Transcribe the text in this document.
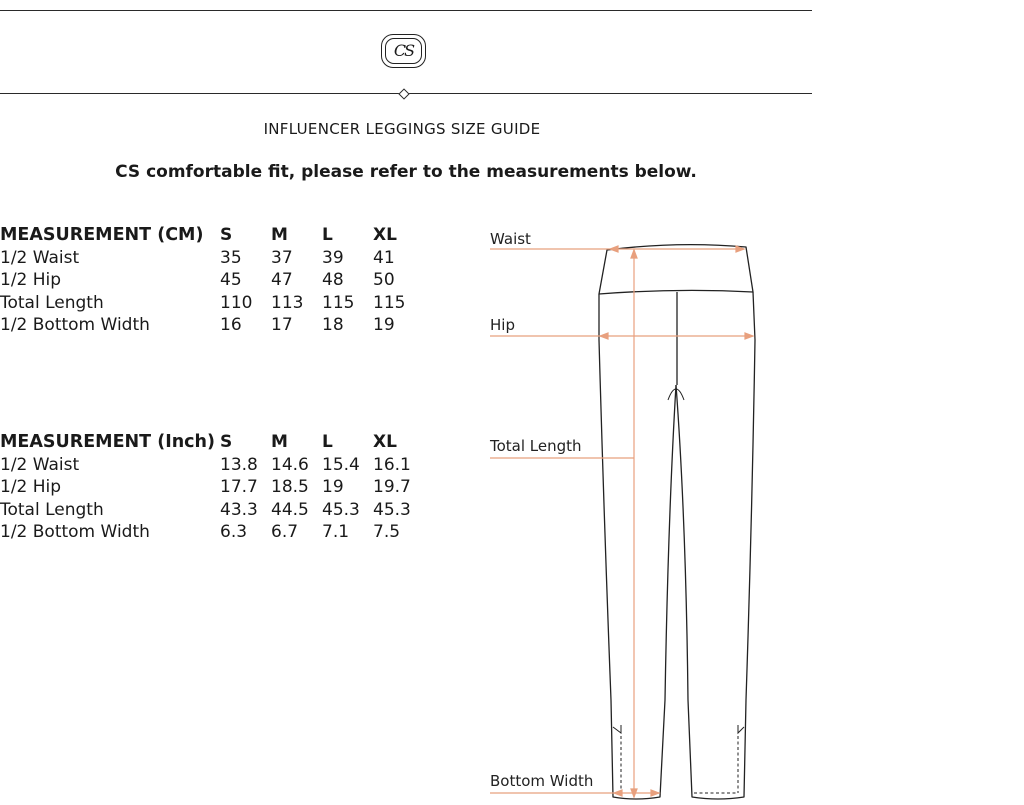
CS
INFLUENCER LEGGINGS SIZE GUIDE
CS comfortable fit, please refer to the measurements below.
MEASUREMENT (CM)	S	M	L	XL
1/2 Waist	35	37	39	41
1/2 Hip	45	47	48	50
Total Length	110	113	115	115
1/2 Bottom Width	16	17	18	19
MEASUREMENT (Inch)	S	M	L	XL
1/2 Waist	13.8	14.6	15.4	16.1
1/2 Hip	17.7	18.5	19	19.7
Total Length	43.3	44.5	45.3	45.3
1/2 Bottom Width	6.3	6.7	7.1	7.5
Waist
Hip
Total Length
Bottom Width
